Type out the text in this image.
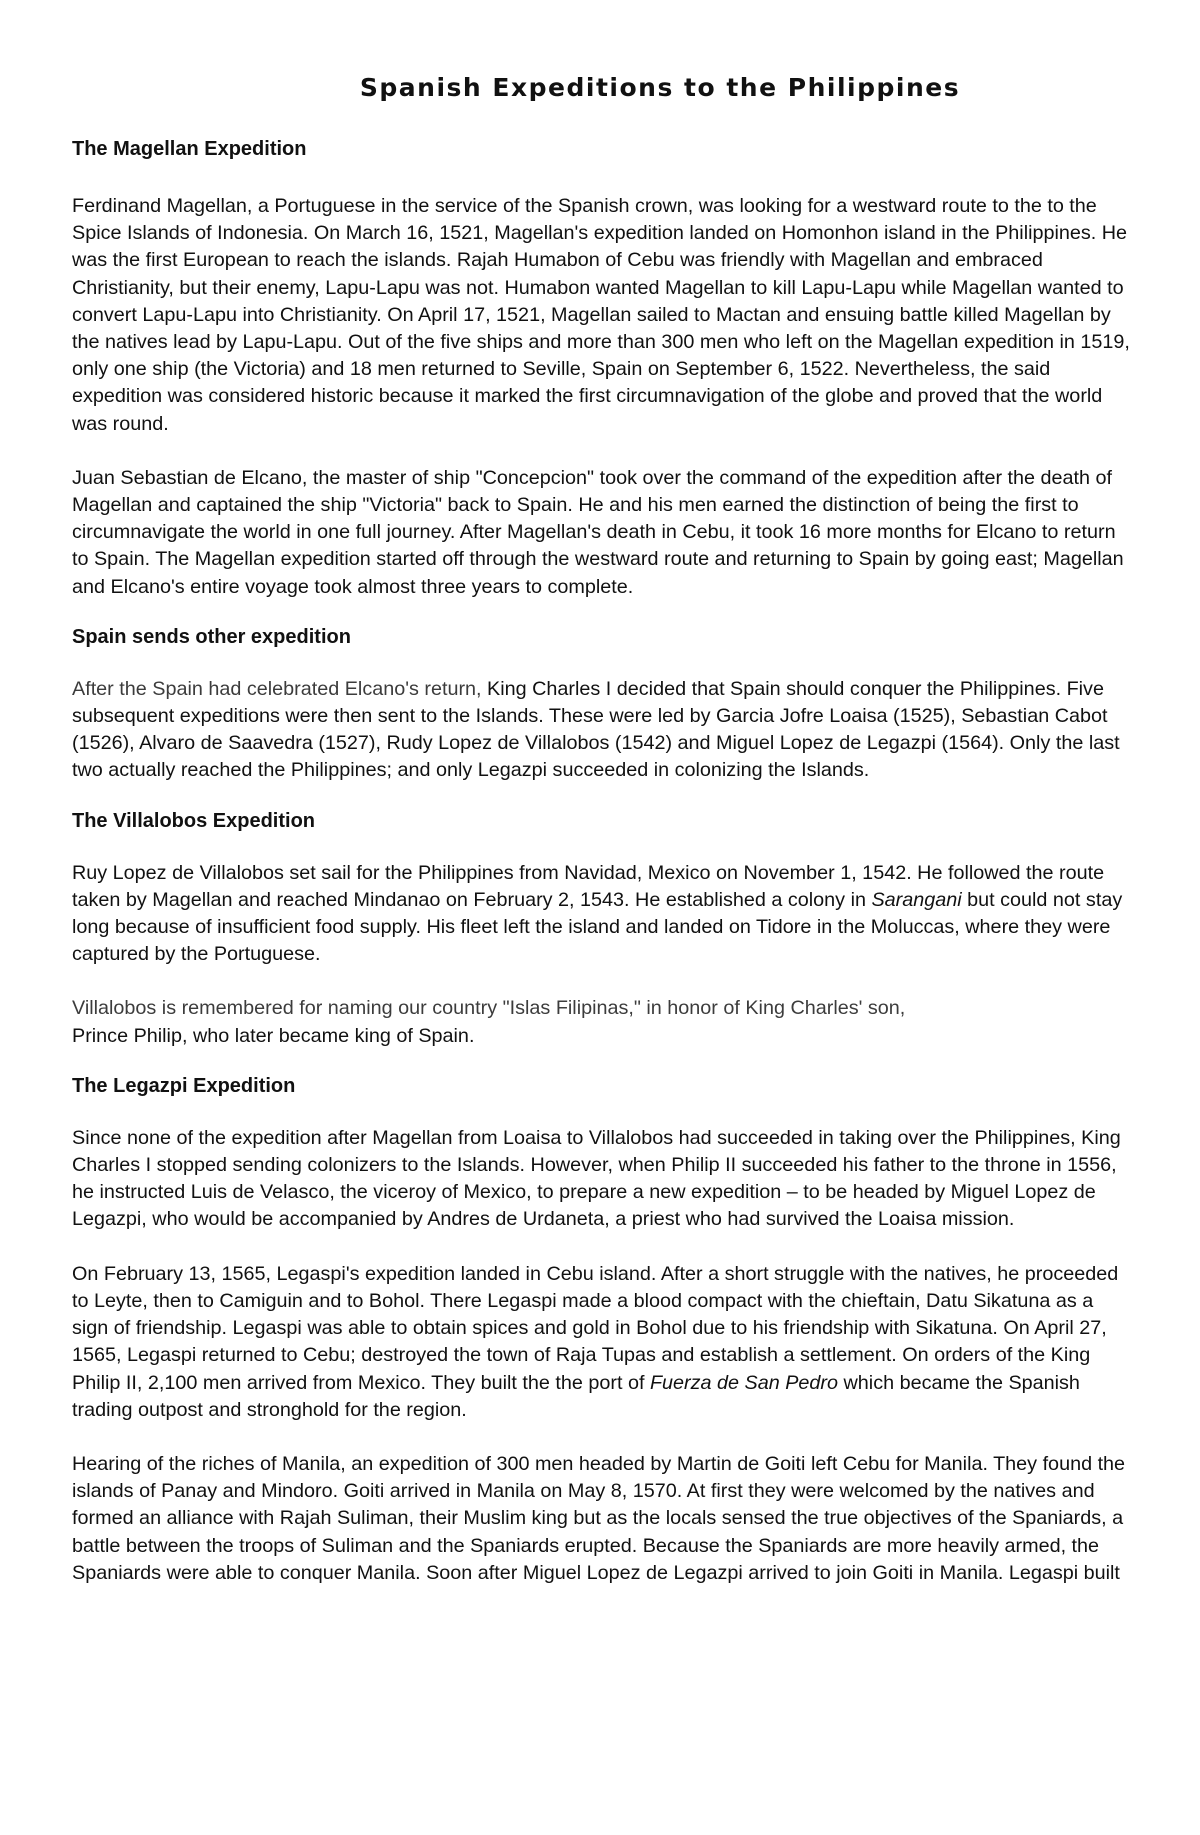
Spanish Expeditions to the Philippines
The Magellan Expedition

Ferdinand Magellan, a Portuguese in the service of the Spanish crown, was looking for a westward route to the to the Spice Islands of Indonesia. On March 16, 1521, Magellan's expedition landed on Homonhon island in the Philippines. He was the first European to reach the islands. Rajah Humabon of Cebu was friendly with Magellan and embraced Christianity, but their enemy, Lapu-Lapu was not. Humabon wanted Magellan to kill Lapu-Lapu while Magellan wanted to convert Lapu-Lapu into Christianity. On April 17, 1521, Magellan sailed to Mactan and ensuing battle killed Magellan by the natives lead by Lapu-Lapu. Out of the five ships and more than 300 men who left on the Magellan expedition in 1519, only one ship (the Victoria) and 18 men returned to Seville, Spain on September 6, 1522. Nevertheless, the said expedition was considered historic because it marked the first circumnavigation of the globe and proved that the world was round.

Juan Sebastian de Elcano, the master of ship "Concepcion" took over the command of the expedition after the death of Magellan and captained the ship "Victoria" back to Spain. He and his men earned the distinction of being the first to circumnavigate the world in one full journey. After Magellan's death in Cebu, it took 16 more months for Elcano to return to Spain. The Magellan expedition started off through the westward route and returning to Spain by going east; Magellan and Elcano's entire voyage took almost three years to complete.

Spain sends other expedition

After the Spain had celebrated Elcano's return, King Charles I decided that Spain should conquer the Philippines. Five subsequent expeditions were then sent to the Islands. These were led by Garcia Jofre Loaisa (1525), Sebastian Cabot (1526), Alvaro de Saavedra (1527), Rudy Lopez de Villalobos (1542) and Miguel Lopez de Legazpi (1564). Only the last two actually reached the Philippines; and only Legazpi succeeded in colonizing the Islands.

The Villalobos Expedition

Ruy Lopez de Villalobos set sail for the Philippines from Navidad, Mexico on November 1, 1542. He followed the route taken by Magellan and reached Mindanao on February 2, 1543. He established a colony in Sarangani but could not stay long because of insufficient food supply. His fleet left the island and landed on Tidore in the Moluccas, where they were captured by the Portuguese.

Villalobos is remembered for naming our country "Islas Filipinas," in honor of King Charles' son,
Prince Philip, who later became king of Spain.

The Legazpi Expedition

Since none of the expedition after Magellan from Loaisa to Villalobos had succeeded in taking over the Philippines, King Charles I stopped sending colonizers to the Islands. However, when Philip II succeeded his father to the throne in 1556, he instructed Luis de Velasco, the viceroy of Mexico, to prepare a new expedition – to be headed by Miguel Lopez de Legazpi, who would be accompanied by Andres de Urdaneta, a priest who had survived the Loaisa mission.

On February 13, 1565, Legaspi's expedition landed in Cebu island. After a short struggle with the natives, he proceeded to Leyte, then to Camiguin and to Bohol. There Legaspi made a blood compact with the chieftain, Datu Sikatuna as a sign of friendship. Legaspi was able to obtain spices and gold in Bohol due to his friendship with Sikatuna. On April 27, 1565, Legaspi returned to Cebu; destroyed the town of Raja Tupas and establish a settlement. On orders of the King Philip II, 2,100 men arrived from Mexico. They built the the port of Fuerza de San Pedro which became the Spanish trading outpost and stronghold for the region.

Hearing of the riches of Manila, an expedition of 300 men headed by Martin de Goiti left Cebu for Manila. They found the islands of Panay and Mindoro. Goiti arrived in Manila on May 8, 1570. At first they were welcomed by the natives and formed an alliance with Rajah Suliman, their Muslim king but as the locals sensed the true objectives of the Spaniards, a battle between the troops of Suliman and the Spaniards erupted. Because the Spaniards are more heavily armed, the Spaniards were able to conquer Manila. Soon after Miguel Lopez de Legazpi arrived to join Goiti in Manila. Legaspi built
